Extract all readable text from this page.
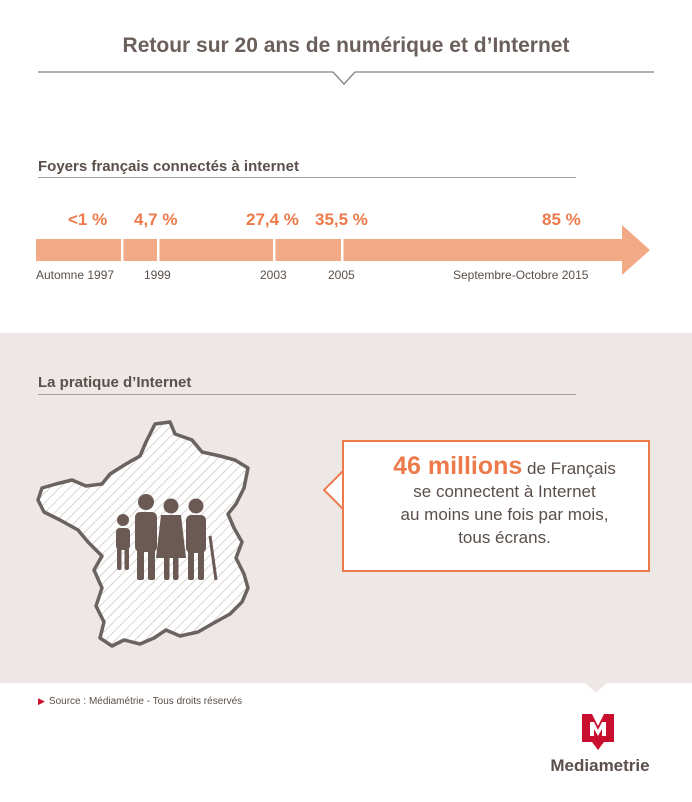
Retour sur 20 ans de numérique et d’Internet
Foyers français connectés à internet
<1 % 4,7 %	27,4 % 35,5 %	85 %
Automne 1997 1999	2003	2005	Septembre-Octobre 2015
La pratique d’Internet
46 millions de Français
se connectent à Internet
au moins une fois par mois,
tous écrans.
▶ Source : Médiamétrie - Tous droits réservés
Mediametrie
